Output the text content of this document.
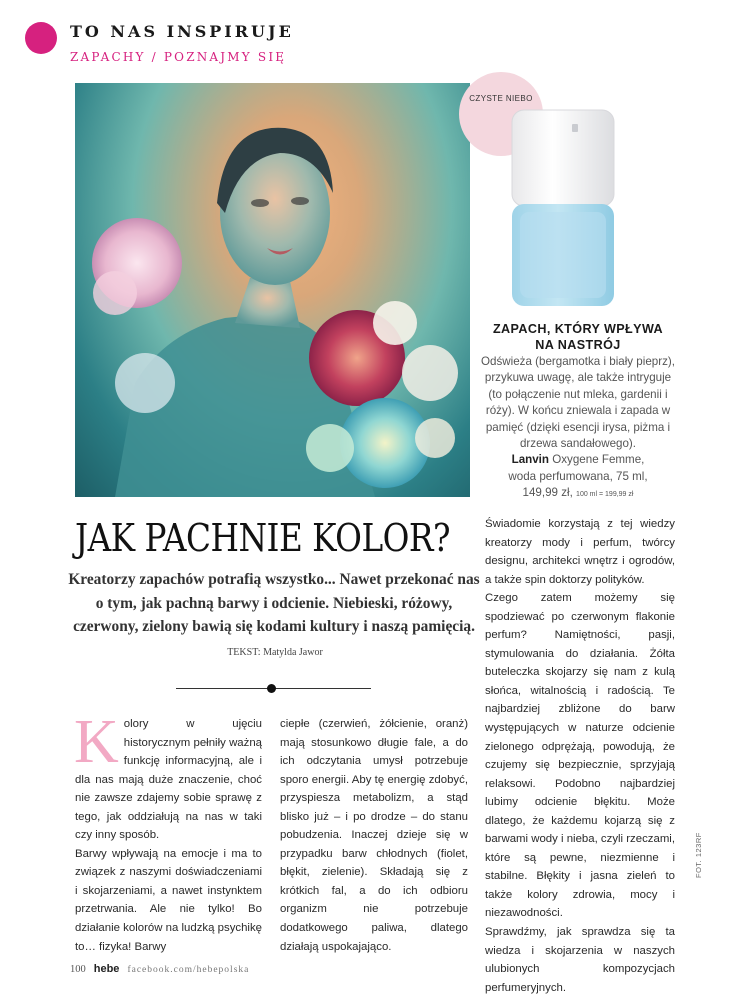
TO NAS INSPIRUJE
ZAPACHY / POZNAJMY SIĘ
CZYSTE NIEBO
ZAPACH, KTÓRY WPŁYWA
NA NASTRÓJ
Odświeża (bergamotka i biały pieprz), przykuwa uwagę, ale także intryguje (to połączenie nut mleka, gardenii i róży). W końcu zniewala i zapada w pamięć (dzięki esencji irysa, piżma i drzewa sandałowego).
Lanvin Oxygene Femme,
woda perfumowana, 75 ml,
149,99 zł, 100 ml = 199,99 zł
JAK PACHNIE KOLOR?
Kreatorzy zapachów potrafią wszystko... Nawet przekonać nas o tym, jak pachną barwy i odcienie. Niebieski, różowy, czerwony, zielony bawią się kodami kultury i naszą pamięcią. TEKST: Matylda Jawor

Kolory w ujęciu historycznym pełniły ważną funkcję informacyjną, ale i dla nas mają duże znaczenie, choć nie zawsze zdajemy sobie sprawę z tego, jak oddziałują na nas w taki czy inny sposób.

Barwy wpływają na emocje i ma to związek z naszymi doświadczeniami i skojarzeniami, a nawet instynktem przetrwania. Ale nie tylko! Bo działanie kolorów na ludzką psychikę to… fizyka! Barwy

ciepłe (czerwień, żółcienie, oranż) mają stosunkowo długie fale, a do ich odczytania umysł potrzebuje sporo energii. Aby tę energię zdobyć, przyspiesza metabolizm, a stąd blisko już – i po drodze – do stanu pobudzenia. Inaczej dzieje się w przypadku barw chłodnych (fiolet, błękit, zielenie). Składają się z krótkich fal, a do ich odbioru organizm nie potrzebuje dodatkowego paliwa, dlatego działają uspokajająco.

Świadomie korzystają z tej wiedzy kreatorzy mody i perfum, twórcy designu, architekci wnętrz i ogrodów, a także spin doktorzy polityków.

Czego zatem możemy się spodziewać po czerwonym flakonie perfum? Namiętności, pasji, stymulowania do działania. Żółta buteleczka skojarzy się nam z kulą słońca, witalnością i radością. Te najbardziej zbliżone do barw występujących w naturze odcienie zielonego odprężają, powodują, że czujemy się bezpiecznie, sprzyjają relaksowi. Podobno najbardziej lubimy odcienie błękitu. Może dlatego, że każdemu kojarzą się z barwami wody i nieba, czyli rzeczami, które są pewne, niezmienne i stabilne. Błękity i jasna zieleń to także kolory zdrowia, mocy i niezawodności.

Sprawdźmy, jak sprawdza się ta wiedza i skojarzenia w naszych ulubionych kompozycjach perfumeryjnych.

FOT. 123RF
100 hebe facebook.com/hebepolska
